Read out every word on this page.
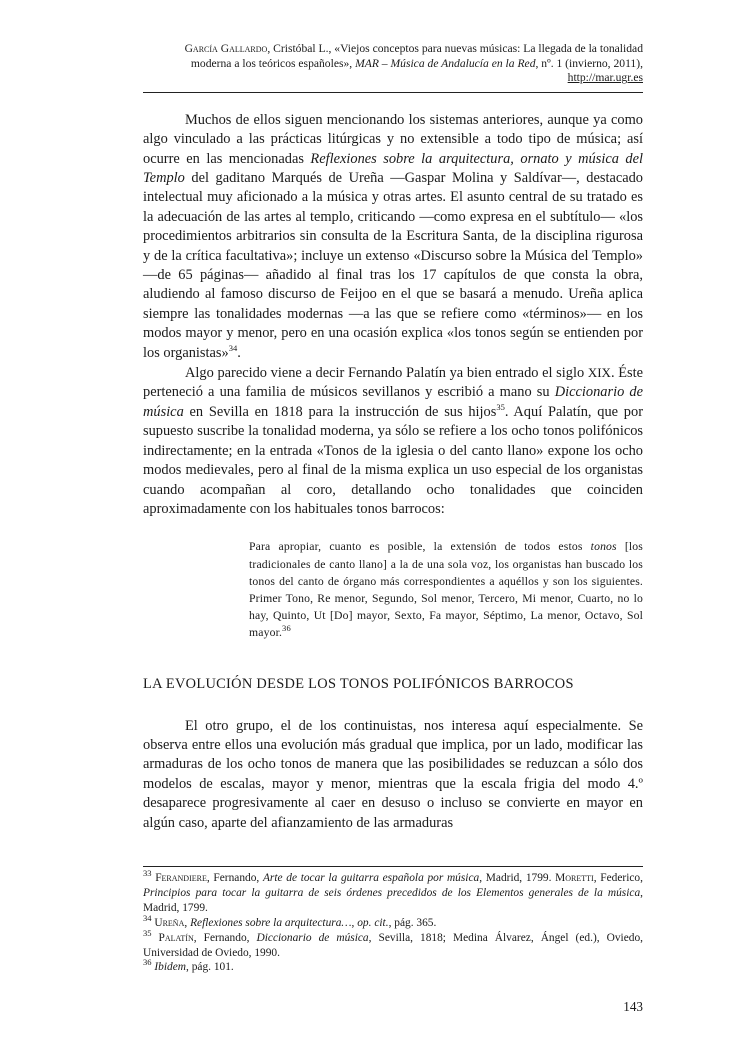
García Gallardo, Cristóbal L., «Viejos conceptos para nuevas músicas: La llegada de la tonalidad moderna a los teóricos españoles», MAR – Música de Andalucía en la Red, nº. 1 (invierno, 2011), http://mar.ugr.es

Muchos de ellos siguen mencionando los sistemas anteriores, aunque ya como algo vinculado a las prácticas litúrgicas y no extensible a todo tipo de música; así ocurre en las mencionadas Reflexiones sobre la arquitectura, ornato y música del Templo del gaditano Marqués de Ureña —Gaspar Molina y Saldívar—, destacado intelectual muy aficionado a la música y otras artes. El asunto central de su tratado es la adecuación de las artes al templo, criticando —como expresa en el subtítulo— «los procedimientos arbitrarios sin consulta de la Escritura Santa, de la disciplina rigurosa y de la crítica facultativa»; incluye un extenso «Discurso sobre la Música del Templo» —de 65 páginas— añadido al final tras los 17 capítulos de que consta la obra, aludiendo al famoso discurso de Feijoo en el que se basará a menudo. Ureña aplica siempre las tonalidades modernas —a las que se refiere como «términos»— en los modos mayor y menor, pero en una ocasión explica «los tonos según se entienden por los organistas»$^{34}$.

Algo parecido viene a decir Fernando Palatín ya bien entrado el siglo XIX. Éste perteneció a una familia de músicos sevillanos y escribió a mano su Diccionario de música en Sevilla en 1818 para la instrucción de sus hijos$^{35}$. Aquí Palatín, que por supuesto suscribe la tonalidad moderna, ya sólo se refiere a los ocho tonos polifónicos indirectamente; en la entrada «Tonos de la iglesia o del canto llano» expone los ocho modos medievales, pero al final de la misma explica un uso especial de los organistas cuando acompañan al coro, detallando ocho tonalidades que coinciden aproximadamente con los habituales tonos barrocos:

Para apropiar, cuanto es posible, la extensión de todos estos tonos [los tradicionales de canto llano] a la de una sola voz, los organistas han buscado los tonos del canto de órgano más correspondientes a aquéllos y son los siguientes. Primer Tono, Re menor, Segundo, Sol menor, Tercero, Mi menor, Cuarto, no lo hay, Quinto, Ut [Do] mayor, Sexto, Fa mayor, Séptimo, La menor, Octavo, Sol mayor.$^{36}$

LA EVOLUCIÓN DESDE LOS TONOS POLIFÓNICOS BARROCOS

El otro grupo, el de los continuistas, nos interesa aquí especialmente. Se observa entre ellos una evolución más gradual que implica, por un lado, modificar las armaduras de los ocho tonos de manera que las posibilidades se reduzcan a sólo dos modelos de escalas, mayor y menor, mientras que la escala frigia del modo 4.º desaparece progresivamente al caer en desuso o incluso se convierte en mayor en algún caso, aparte del afianzamiento de las armaduras

$^{33}$ Ferandiere, Fernando, Arte de tocar la guitarra española por música, Madrid, 1799. Moretti, Federico, Principios para tocar la guitarra de seis órdenes precedidos de los Elementos generales de la música, Madrid, 1799.

$^{34}$ Ureña, Reflexiones sobre la arquitectura…, op. cit., pág. 365.

$^{35}$ Palatín, Fernando, Diccionario de música, Sevilla, 1818; Medina Álvarez, Ángel (ed.), Oviedo, Universidad de Oviedo, 1990.

$^{36}$ Ibidem, pág. 101.

143
